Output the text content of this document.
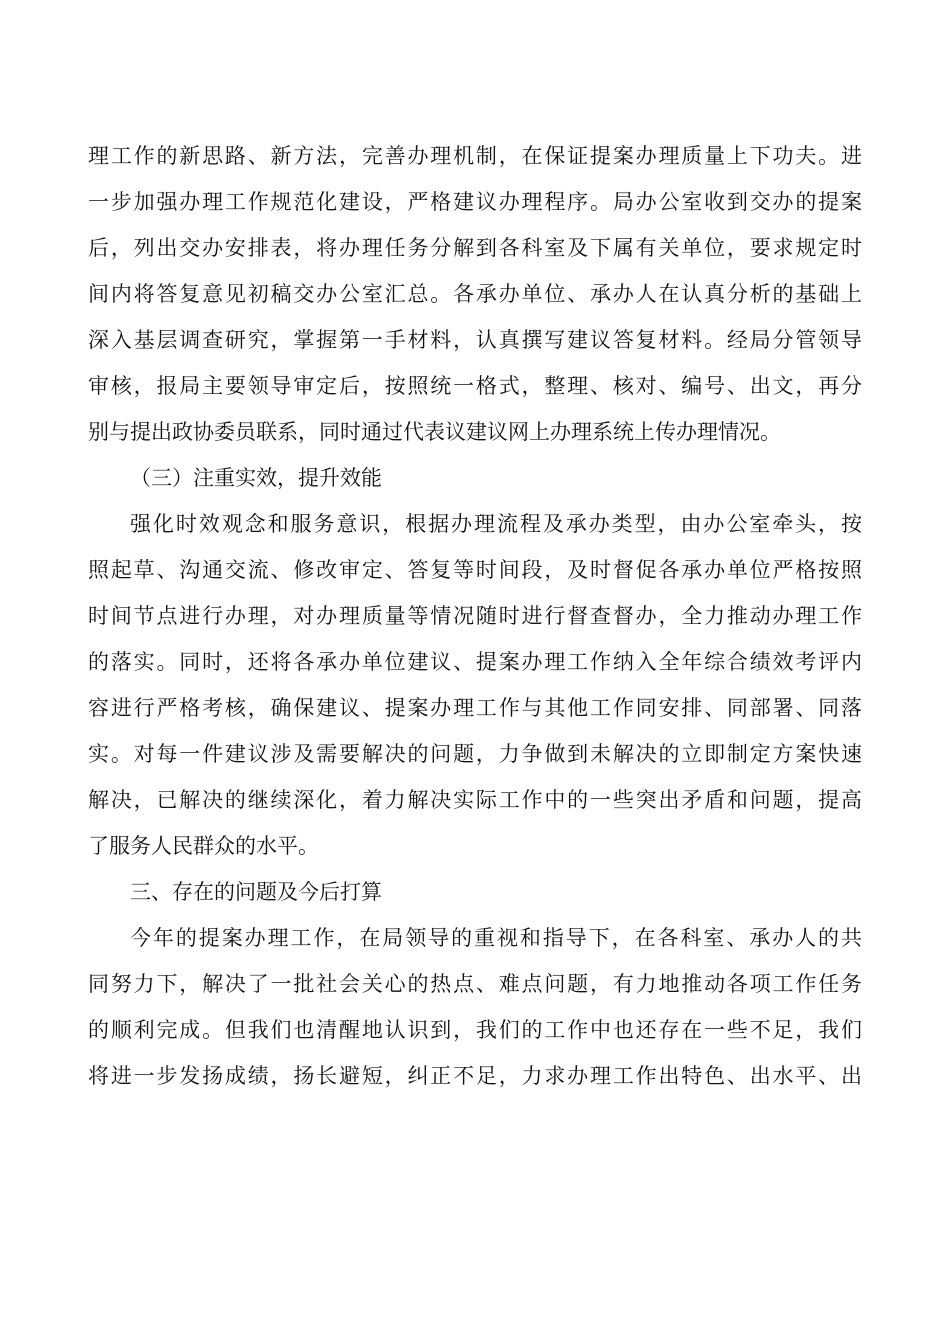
理工作的新思路、新方法，完善办理机制，在保证提案办理质量上下功夫。进
一步加强办理工作规范化建设，严格建议办理程序。局办公室收到交办的提案
后，列出交办安排表，将办理任务分解到各科室及下属有关单位，要求规定时
间内将答复意见初稿交办公室汇总。各承办单位、承办人在认真分析的基础上
深入基层调查研究，掌握第一手材料，认真撰写建议答复材料。经局分管领导
审核，报局主要领导审定后，按照统一格式，整理、核对、编号、出文，再分
别与提出政协委员联系，同时通过代表议建议网上办理系统上传办理情况。
（三）注重实效，提升效能
强化时效观念和服务意识，根据办理流程及承办类型，由办公室牵头，按
照起草、沟通交流、修改审定、答复等时间段，及时督促各承办单位严格按照
时间节点进行办理，对办理质量等情况随时进行督查督办，全力推动办理工作
的落实。同时，还将各承办单位建议、提案办理工作纳入全年综合绩效考评内
容进行严格考核，确保建议、提案办理工作与其他工作同安排、同部署、同落
实。对每一件建议涉及需要解决的问题，力争做到未解决的立即制定方案快速
解决，已解决的继续深化，着力解决实际工作中的一些突出矛盾和问题，提高
了服务人民群众的水平。
三、存在的问题及今后打算
今年的提案办理工作，在局领导的重视和指导下，在各科室、承办人的共
同努力下，解决了一批社会关心的热点、难点问题，有力地推动各项工作任务
的顺利完成。但我们也清醒地认识到，我们的工作中也还存在一些不足，我们
将进一步发扬成绩，扬长避短，纠正不足，力求办理工作出特色、出水平、出
